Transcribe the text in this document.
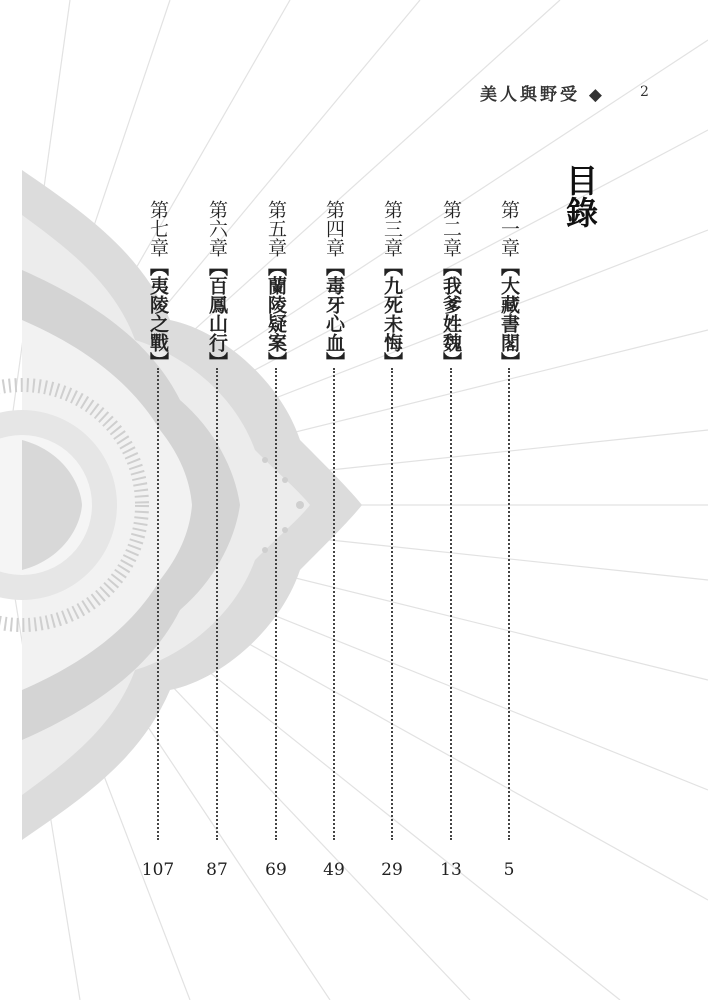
美人與野受 ◆	2
目錄
第一章【大藏書閣】
5
第二章【我爹姓魏】
13
第三章【九死未悔】
29
第四章【毒牙心血】
49
第五章【蘭陵疑案】
69
第六章【百鳳山行】
87
第七章【夷陵之戰】
107
